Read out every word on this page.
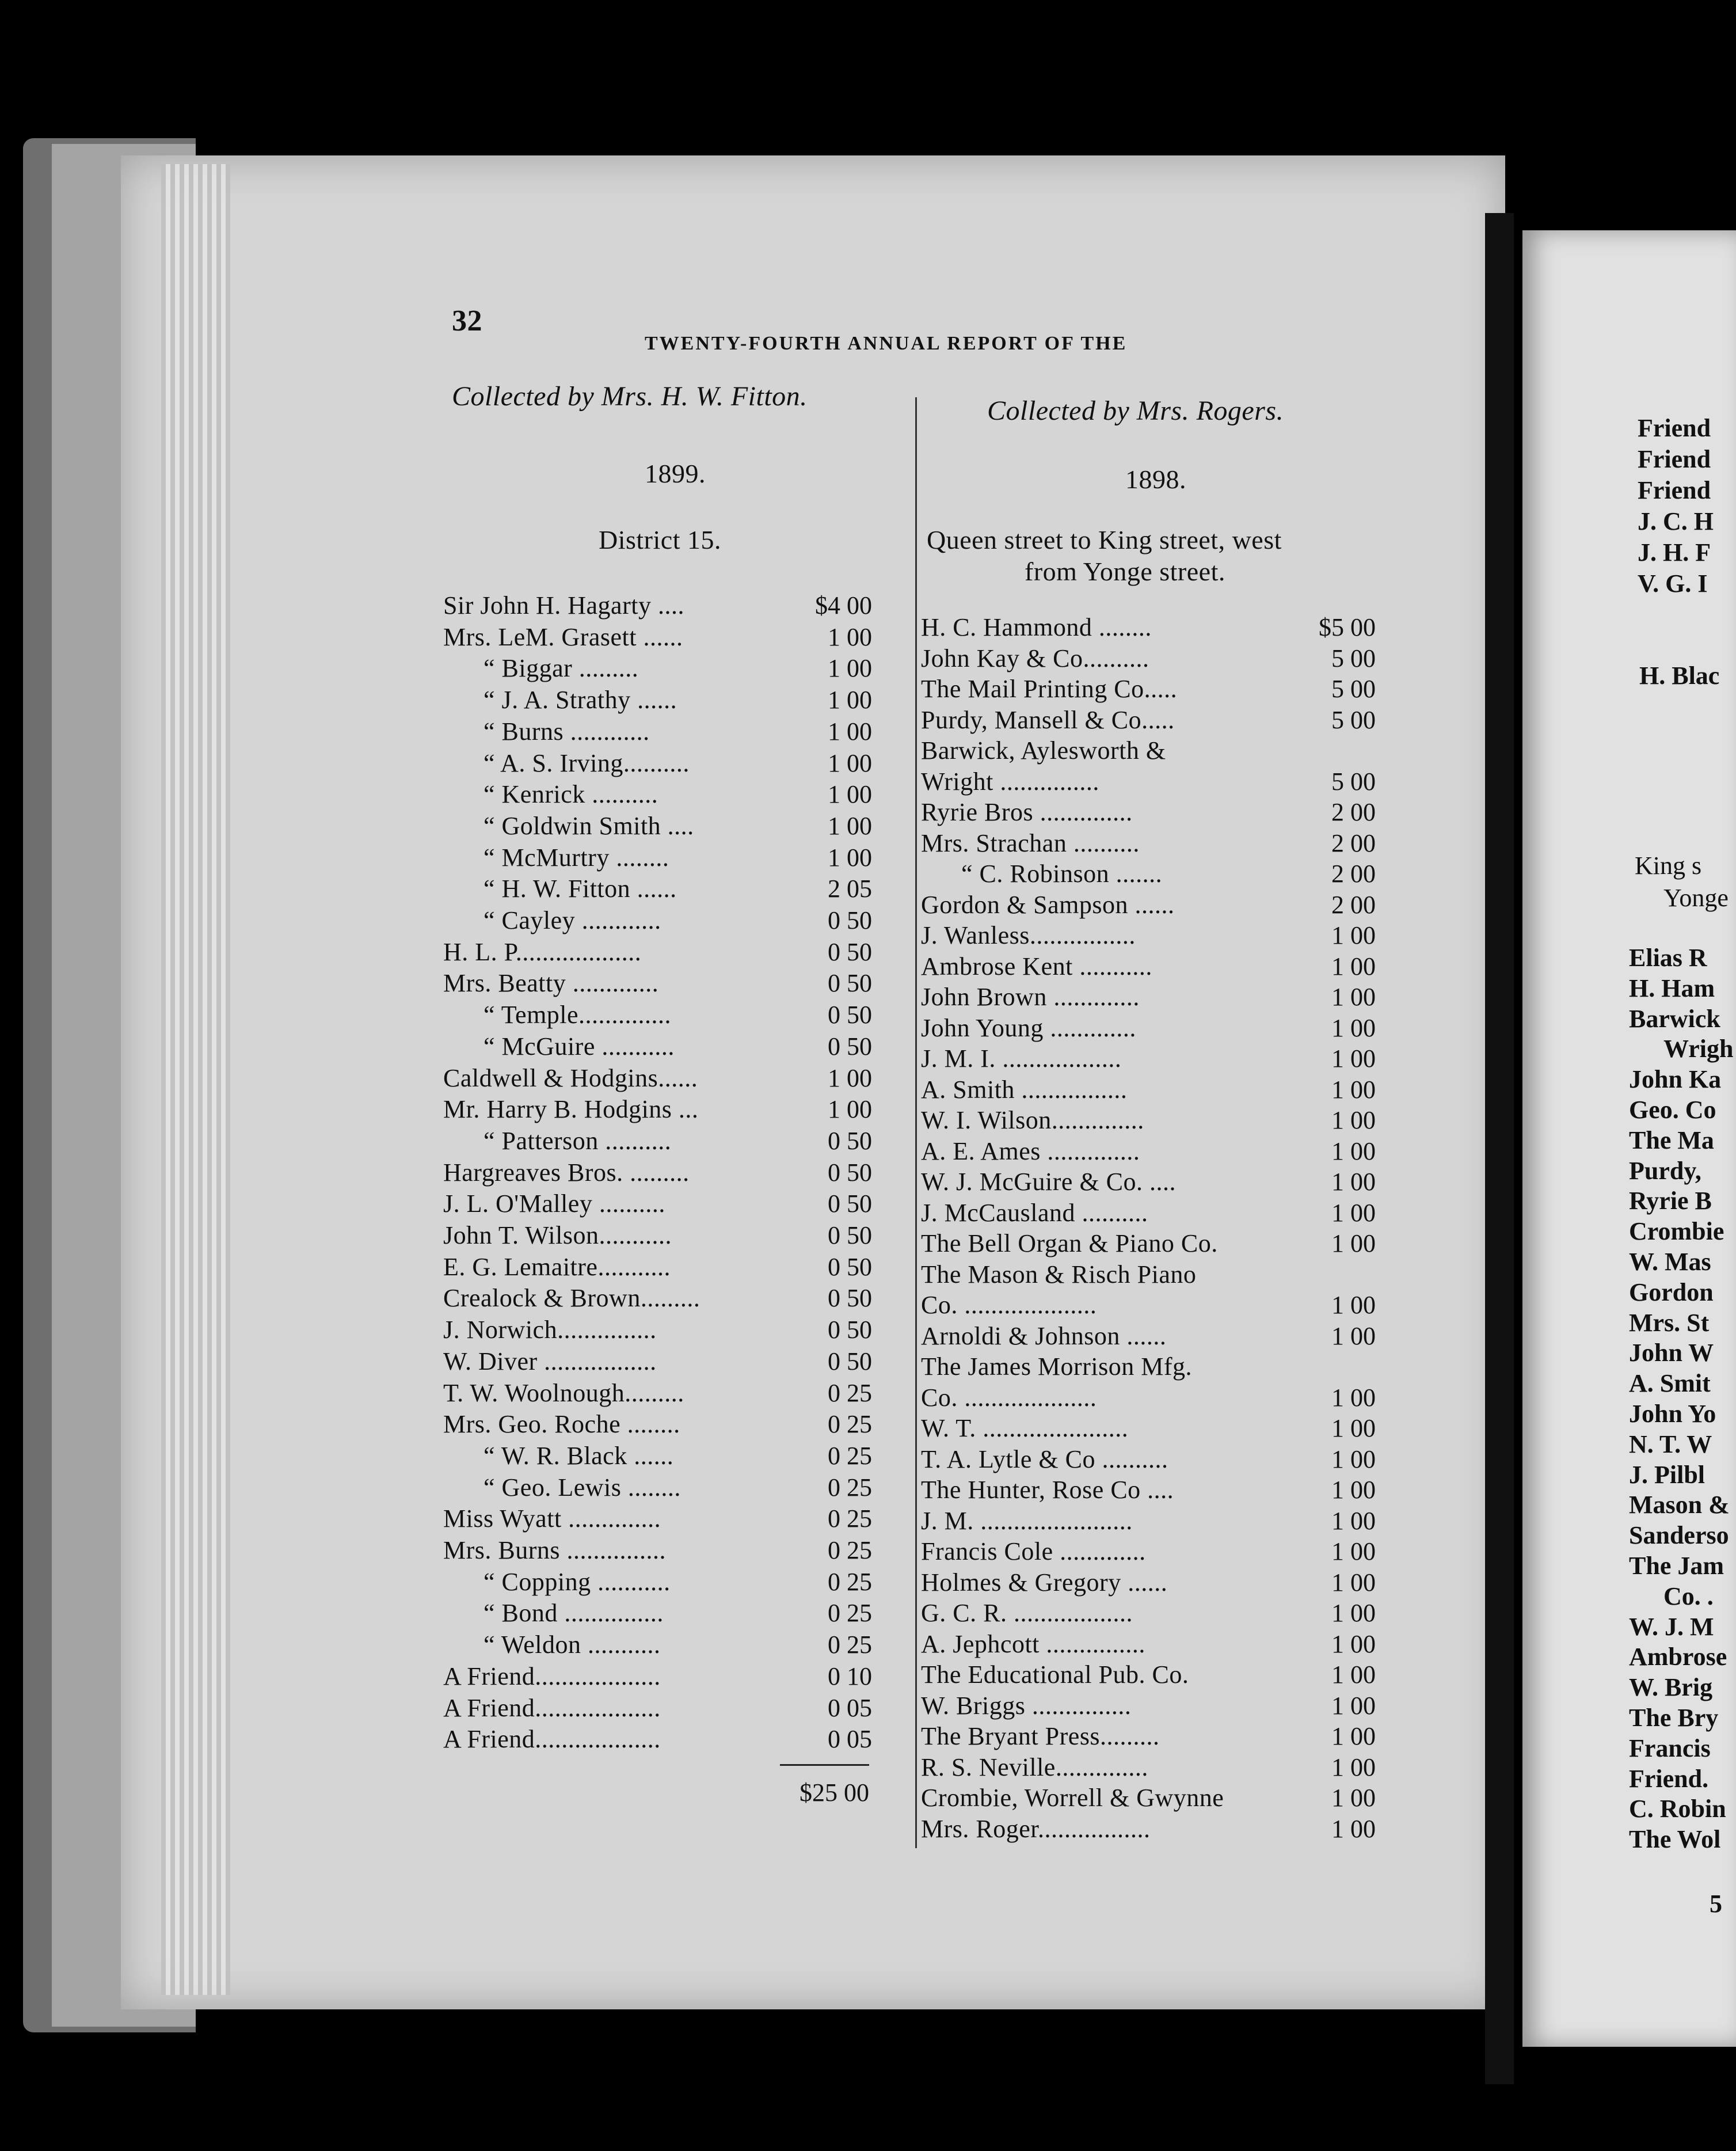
32
TWENTY-FOURTH ANNUAL REPORT OF THE
Collected by Mrs. H. W. Fitton.
1899.
District 15.
Collected by Mrs. Rogers.
1898.
Queen street to King street, west
from Yonge street.
Sir John H. Hagarty ....	$4 00
Mrs. LeM. Grasett ......	1 00
“ Biggar .........	1 00
“ J. A. Strathy ......	1 00
“ Burns ............	1 00
“ A. S. Irving..........	1 00
“ Kenrick ..........	1 00
“ Goldwin Smith ....	1 00
“ McMurtry ........	1 00
“ H. W. Fitton ......	2 05
“ Cayley ............	0 50
H. L. P...................	0 50
Mrs. Beatty .............	0 50
“ Temple..............	0 50
“ McGuire ...........	0 50
Caldwell & Hodgins......	1 00
Mr. Harry B. Hodgins ...	1 00
“ Patterson ..........	0 50
Hargreaves Bros. .........	0 50
J. L. O'Malley ..........	0 50
John T. Wilson...........	0 50
E. G. Lemaitre...........	0 50
Crealock & Brown.........	0 50
J. Norwich...............	0 50
W. Diver .................	0 50
T. W. Woolnough.........	0 25
Mrs. Geo. Roche ........	0 25
“ W. R. Black ......	0 25
“ Geo. Lewis ........	0 25
Miss Wyatt ..............	0 25
Mrs. Burns ...............	0 25
“ Copping ...........	0 25
“ Bond ...............	0 25
“ Weldon ...........	0 25
A Friend...................	0 10
A Friend...................	0 05
A Friend...................	0 05
H. C. Hammond ........	$5 00
John Kay & Co..........	5 00
The Mail Printing Co.....	5 00
Purdy, Mansell & Co.....	5 00
Barwick, Aylesworth &
Wright ...............	5 00
Ryrie Bros ..............	2 00
Mrs. Strachan ..........	2 00
“ C. Robinson .......	2 00
Gordon & Sampson ......	2 00
J. Wanless................	1 00
Ambrose Kent ...........	1 00
John Brown .............	1 00
John Young .............	1 00
J. M. I. ..................	1 00
A. Smith ................	1 00
W. I. Wilson..............	1 00
A. E. Ames ..............	1 00
W. J. McGuire & Co. ....	1 00
J. McCausland ..........	1 00
The Bell Organ & Piano Co.	1 00
The Mason & Risch Piano
Co. ....................	1 00
Arnoldi & Johnson ......	1 00
The James Morrison Mfg.
Co. ....................	1 00
W. T. ......................	1 00
T. A. Lytle & Co ..........	1 00
The Hunter, Rose Co ....	1 00
J. M. .......................	1 00
Francis Cole .............	1 00
Holmes & Gregory ......	1 00
G. C. R. ..................	1 00
A. Jephcott ...............	1 00
The Educational Pub. Co.	1 00
W. Briggs ...............	1 00
The Bryant Press.........	1 00
R. S. Neville..............	1 00
Crombie, Worrell & Gwynne	1 00
Mrs. Roger.................	1 00
$25 00
Friend
Friend
Friend
J. C. H
J. H. F
V. G. I
H. Blac
King s
Yonge
Elias R
H. Ham
Barwick
Wrigh
John Ka
Geo. Co
The Ma
Purdy,
Ryrie B
Crombie
W. Mas
Gordon
Mrs. St
John W
A. Smit
John Yo
N. T. W
J. Pilbl
Mason &
Sanderso
The Jam
Co. .
W. J. M
Ambrose
W. Brig
The Bry
Francis
Friend.
C. Robin
The Wol
5
